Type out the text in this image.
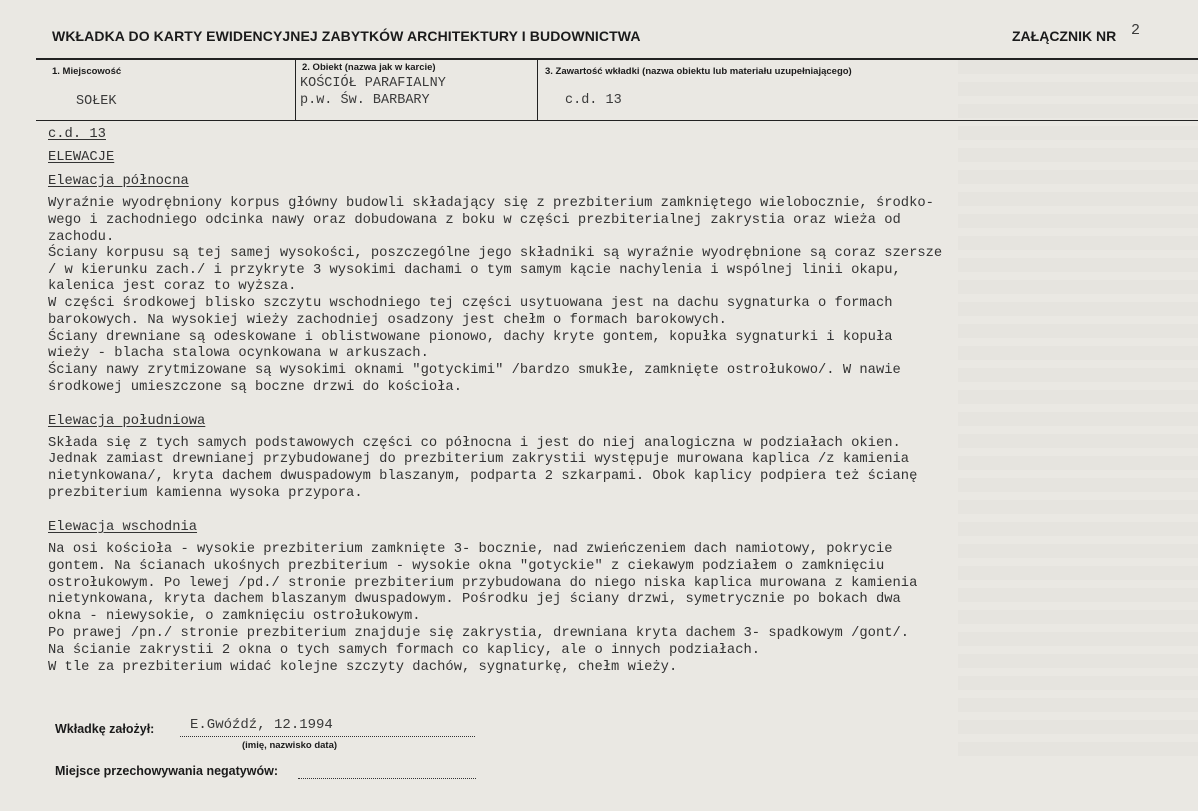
WKŁADKA DO KARTY EWIDENCYJNEJ ZABYTKÓW ARCHITEKTURY I BUDOWNICTWA	ZAŁĄCZNIK NR 2
1. Miejscowość
SOŁEK
2. Obiekt (nazwa jak w karcie)
KOŚCIÓŁ PARAFIALNY
p.w. Św. BARBARY
3. Zawartość wkładki (nazwa obiektu lub materiału uzupełniającego)
c.d. 13
c.d. 13
ELEWACJE
Elewacja północna
Wyraźnie wyodrębniony korpus główny budowli składający się z prezbiterium zamkniętego wielobocznie, środko-
wego i zachodniego odcinka nawy oraz dobudowana z boku w części prezbiterialnej zakrystia oraz wieża od
zachodu.
Ściany korpusu są tej samej wysokości, poszczególne jego składniki są wyraźnie wyodrębnione są coraz szersze
/ w kierunku zach./ i przykryte 3 wysokimi dachami o tym samym kącie nachylenia i wspólnej linii okapu,
kalenica jest coraz to wyższa.
W części środkowej blisko szczytu wschodniego tej części usytuowana jest na dachu sygnaturka o formach
barokowych. Na wysokiej wieży zachodniej osadzony jest chełm o formach barokowych.
Ściany drewniane są odeskowane i oblistwowane pionowo, dachy kryte gontem, kopułka sygnaturki i kopuła
wieży - blacha stalowa ocynkowana w arkuszach.
Ściany nawy zrytmizowane są wysokimi oknami "gotyckimi" /bardzo smukłe, zamknięte ostrołukowo/. W nawie
środkowej umieszczone są boczne drzwi do kościoła.
Elewacja południowa
Składa się z tych samych podstawowych części co północna i jest do niej analogiczna w podziałach okien.
Jednak zamiast drewnianej przybudowanej do prezbiterium zakrystii występuje murowana kaplica /z kamienia
nietynkowana/, kryta dachem dwuspadowym blaszanym, podparta 2 szkarpami. Obok kaplicy podpiera też ścianę
prezbiterium kamienna wysoka przypora.
Elewacja wschodnia
Na osi kościoła - wysokie prezbiterium zamknięte 3- bocznie, nad zwieńczeniem dach namiotowy, pokrycie
gontem. Na ścianach ukośnych prezbiterium - wysokie okna "gotyckie" z ciekawym podziałem o zamknięciu
ostrołukowym. Po lewej /pd./ stronie prezbiterium przybudowana do niego niska kaplica murowana z kamienia
nietynkowana, kryta dachem blaszanym dwuspadowym. Pośrodku jej ściany drzwi, symetrycznie po bokach dwa
okna - niewysokie, o zamknięciu ostrołukowym.
Po prawej /pn./ stronie prezbiterium znajduje się zakrystia, drewniana kryta dachem 3- spadkowym /gont/.
Na ścianie zakrystii 2 okna o tych samych formach co kaplicy, ale o innych podziałach.
W tle za prezbiterium widać kolejne szczyty dachów, sygnaturkę, chełm wieży.
Wkładkę założył:	E.Gwóźdź, 12.1994
(imię, nazwisko data)
Miejsce przechowywania negatywów:
